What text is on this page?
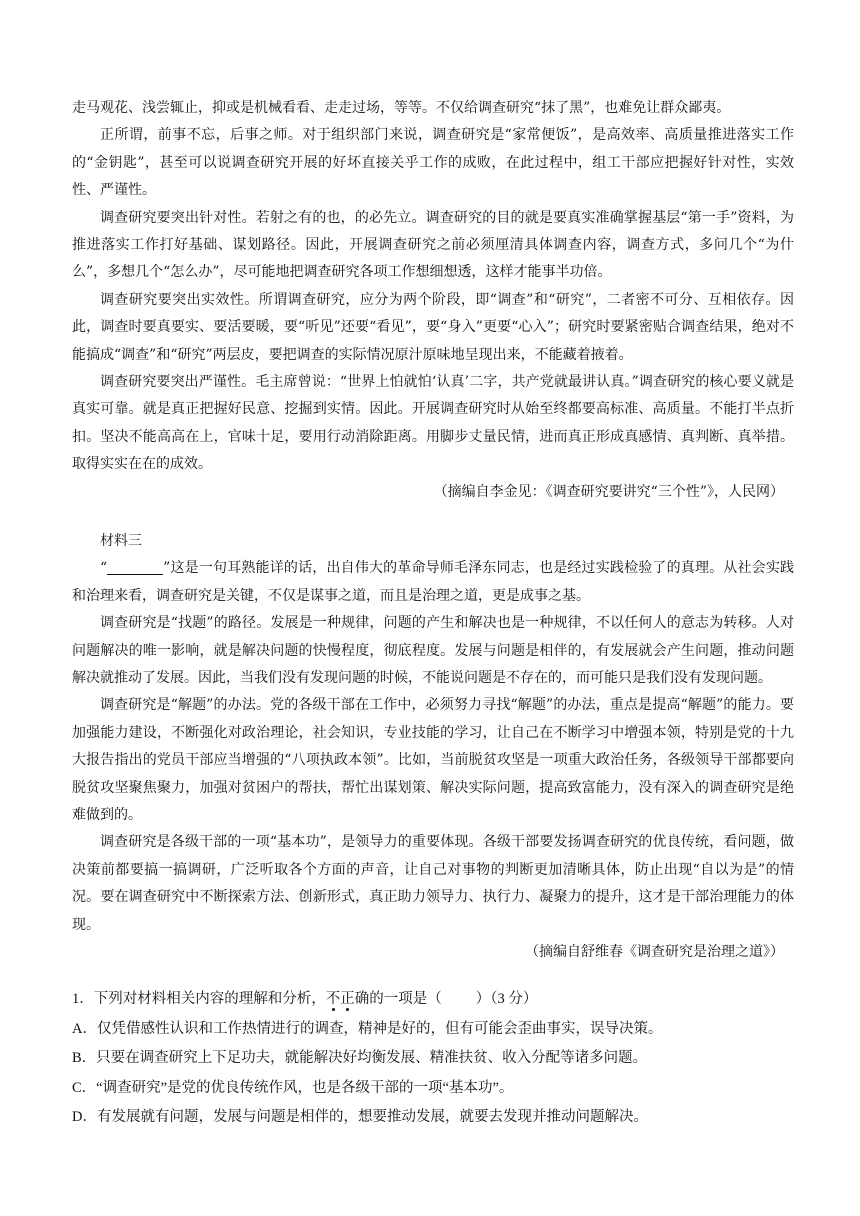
走马观花、浅尝辄止，抑或是机械看看、走走过场，等等。不仅给调查研究“抹了黑”，也难免让群众鄙夷。

正所谓，前事不忘，后事之师。对于组织部门来说，调查研究是“家常便饭”，是高效率、高质量推进落实工作的“金钥匙”，甚至可以说调查研究开展的好坏直接关乎工作的成败，在此过程中，组工干部应把握好针对性，实效性、严谨性。

调查研究要突出针对性。若射之有的也，的必先立。调查研究的目的就是要真实准确掌握基层“第一手”资料，为推进落实工作打好基础、谋划路径。因此，开展调查研究之前必须厘清具体调查内容，调查方式，多问几个“为什么”，多想几个“怎么办”，尽可能地把调查研究各项工作想细想透，这样才能事半功倍。

调查研究要突出实效性。所谓调查研究，应分为两个阶段，即“调查”和“研究”，二者密不可分、互相依存。因此，调查时要真要实、要活要暖，要“听见”还要“看见”，要“身入”更要“心入”；研究时要紧密贴合调查结果，绝对不能搞成“调查”和“研究”两层皮，要把调查的实际情况原汁原味地呈现出来，不能藏着掖着。

调查研究要突出严谨性。毛主席曾说：“世界上怕就怕‘认真’二字，共产党就最讲认真。”调查研究的核心要义就是真实可靠。就是真正把握好民意、挖掘到实情。因此。开展调查研究时从始至终都要高标准、高质量。不能打半点折扣。坚决不能高高在上，官味十足，要用行动消除距离。用脚步丈量民情，进而真正形成真感情、真判断、真举措。取得实实在在的成效。

（摘编自李金见：《调查研究要讲究“三个性”》，人民网）

材料三

“	”这是一句耳熟能详的话，出自伟大的革命导师毛泽东同志，也是经过实践检验了的真理。从社会实践和治理来看，调查研究是关键，不仅是谋事之道，而且是治理之道，更是成事之基。

调查研究是“找题”的路径。发展是一种规律，问题的产生和解决也是一种规律，不以任何人的意志为转移。人对问题解决的唯一影响，就是解决问题的快慢程度，彻底程度。发展与问题是相伴的，有发展就会产生问题，推动问题解决就推动了发展。因此，当我们没有发现问题的时候，不能说问题是不存在的，而可能只是我们没有发现问题。

调查研究是“解题”的办法。党的各级干部在工作中，必须努力寻找“解题”的办法，重点是提高“解题”的能力。要加强能力建设，不断强化对政治理论，社会知识，专业技能的学习，让自己在不断学习中增强本领，特别是党的十九大报告指出的党员干部应当增强的“八项执政本领”。比如，当前脱贫攻坚是一项重大政治任务，各级领导干部都要向脱贫攻坚聚焦聚力，加强对贫困户的帮扶，帮忙出谋划策、解决实际问题，提高致富能力，没有深入的调查研究是绝难做到的。

调查研究是各级干部的一项“基本功”，是领导力的重要体现。各级干部要发扬调查研究的优良传统，看问题，做决策前都要搞一搞调研，广泛听取各个方面的声音，让自己对事物的判断更加清晰具体，防止出现“自以为是”的情况。要在调查研究中不断探索方法、创新形式，真正助力领导力、执行力、凝聚力的提升，这才是干部治理能力的体现。

（摘编自舒维春《调查研究是治理之道》）

1．下列对材料相关内容的理解和分析，不正确的一项是（ ）（3 分）

A．仅凭借感性认识和工作热情进行的调查，精神是好的，但有可能会歪曲事实，误导决策。

B．只要在调查研究上下足功夫，就能解决好均衡发展、精准扶贫、收入分配等诸多问题。

C．“调查研究”是党的优良传统作风，也是各级干部的一项“基本功”。

D．有发展就有问题，发展与问题是相伴的，想要推动发展，就要去发现并推动问题解决。
